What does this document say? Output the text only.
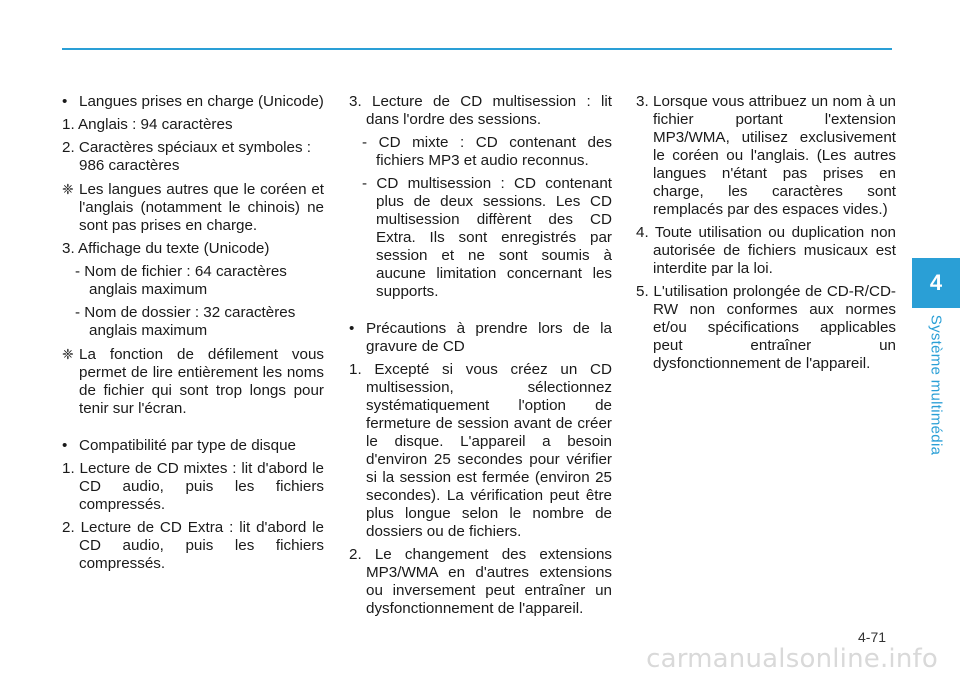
• Langues prises en charge (Unicode)

1. Anglais : 94 caractères

2. Caractères spéciaux et symboles : 986 caractères

❈ Les langues autres que le coréen et l'anglais (notamment le chinois) ne sont pas prises en charge.

3. Affichage du texte (Unicode)

- Nom de fichier : 64 caractères anglais maximum

- Nom de dossier : 32 caractères anglais maximum

❈ La fonction de défilement vous permet de lire entièrement les noms de fichier qui sont trop longs pour tenir sur l'écran.

• Compatibilité par type de disque

1. Lecture de CD mixtes : lit d'abord le CD audio, puis les fichiers compressés.

2. Lecture de CD Extra : lit d'abord le CD audio, puis les fichiers compressés.

3. Lecture de CD multisession : lit dans l'ordre des sessions.

- CD mixte : CD contenant des fichiers MP3 et audio reconnus.

- CD multisession : CD contenant plus de deux sessions. Les CD multisession diffèrent des CD Extra. Ils sont enregistrés par session et ne sont soumis à aucune limitation concernant les supports.

• Précautions à prendre lors de la gravure de CD

1. Excepté si vous créez un CD multisession, sélectionnez systématiquement l'option de fermeture de session avant de créer le disque. L'appareil a besoin d'environ 25 secondes pour vérifier si la session est fermée (environ 25 secondes). La vérification peut être plus longue selon le nombre de dossiers ou de fichiers.

2. Le changement des extensions MP3/WMA en d'autres extensions ou inversement peut entraîner un dysfonctionnement de l'appareil.

3. Lorsque vous attribuez un nom à un fichier portant l'extension MP3/WMA, utilisez exclusivement le coréen ou l'anglais. (Les autres langues n'étant pas prises en charge, les caractères sont remplacés par des espaces vides.)

4. Toute utilisation ou duplication non autorisée de fichiers musicaux est interdite par la loi.

5. L'utilisation prolongée de CD-R/CD-RW non conformes aux normes et/ou spécifications applicables peut entraîner un dysfonctionnement de l'appareil.

4
Système multimédia
4-71
carmanualsonline.info
